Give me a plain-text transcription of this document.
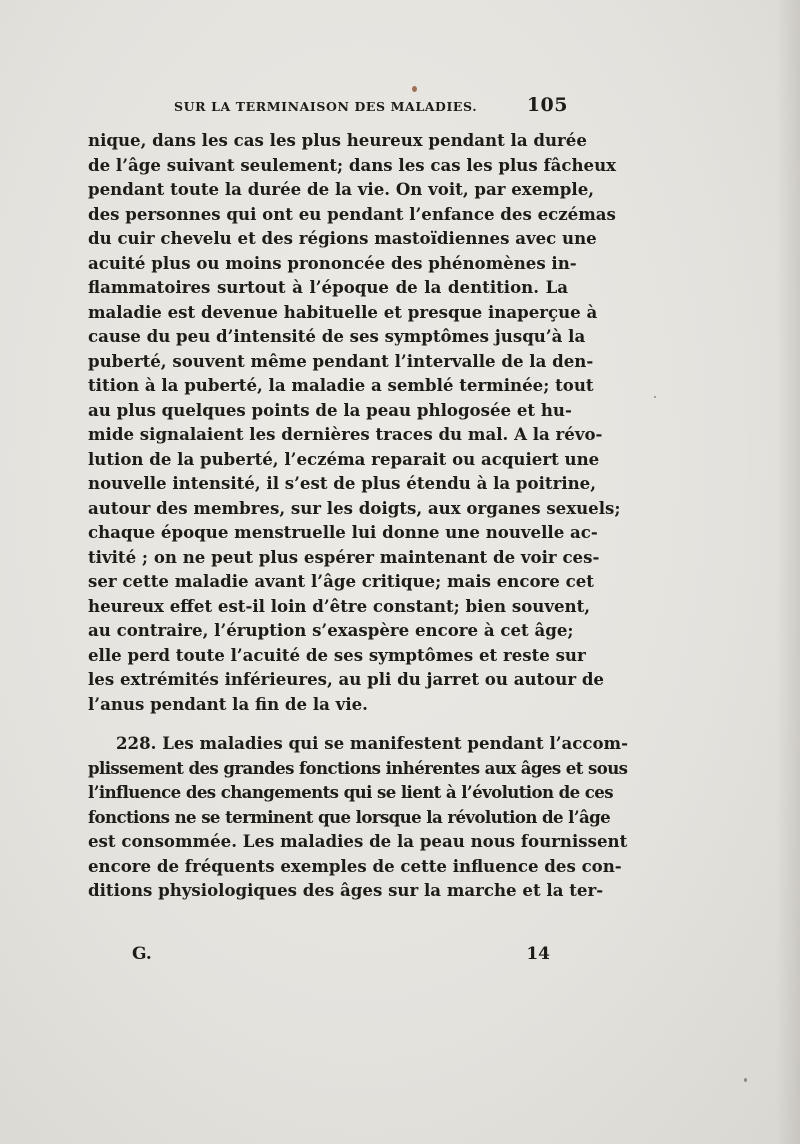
SUR LA TERMINAISON DES MALADIES.	105

nique, dans les cas les plus heureux pendant la durée
de l’âge suivant seulement; dans les cas les plus fâcheux
pendant toute la durée de la vie. On voit, par exemple,
des personnes qui ont eu pendant l’enfance des eczémas
du cuir chevelu et des régions mastoïdiennes avec une
acuité plus ou moins prononcée des phénomènes in-
flammatoires surtout à l’époque de la dentition. La
maladie est devenue habituelle et presque inaperçue à
cause du peu d’intensité de ses symptômes jusqu’à la
puberté, souvent même pendant l’intervalle de la den-
tition à la puberté, la maladie a semblé terminée; tout
au plus quelques points de la peau phlogosée et hu-
mide signalaient les dernières traces du mal. A la révo-
lution de la puberté, l’eczéma reparait ou acquiert une
nouvelle intensité, il s’est de plus étendu à la poitrine,
autour des membres, sur les doigts, aux organes sexuels;
chaque époque menstruelle lui donne une nouvelle ac-
tivité ; on ne peut plus espérer maintenant de voir ces-
ser cette maladie avant l’âge critique; mais encore cet
heureux effet est-il loin d’être constant; bien souvent,
au contraire, l’éruption s’exaspère encore à cet âge;
elle perd toute l’acuité de ses symptômes et reste sur
les extrémités inférieures, au pli du jarret ou autour de
l’anus pendant la fin de la vie.

228. Les maladies qui se manifestent pendant l’accom-
plissement des grandes fonctions inhérentes aux âges et sous
l’influence des changements qui se lient à l’évolution de ces
fonctions ne se terminent que lorsque la révolution de l’âge
est consommée. Les maladies de la peau nous fournissent
encore de fréquents exemples de cette influence des con-
ditions physiologiques des âges sur la marche et la ter-

G.	14
